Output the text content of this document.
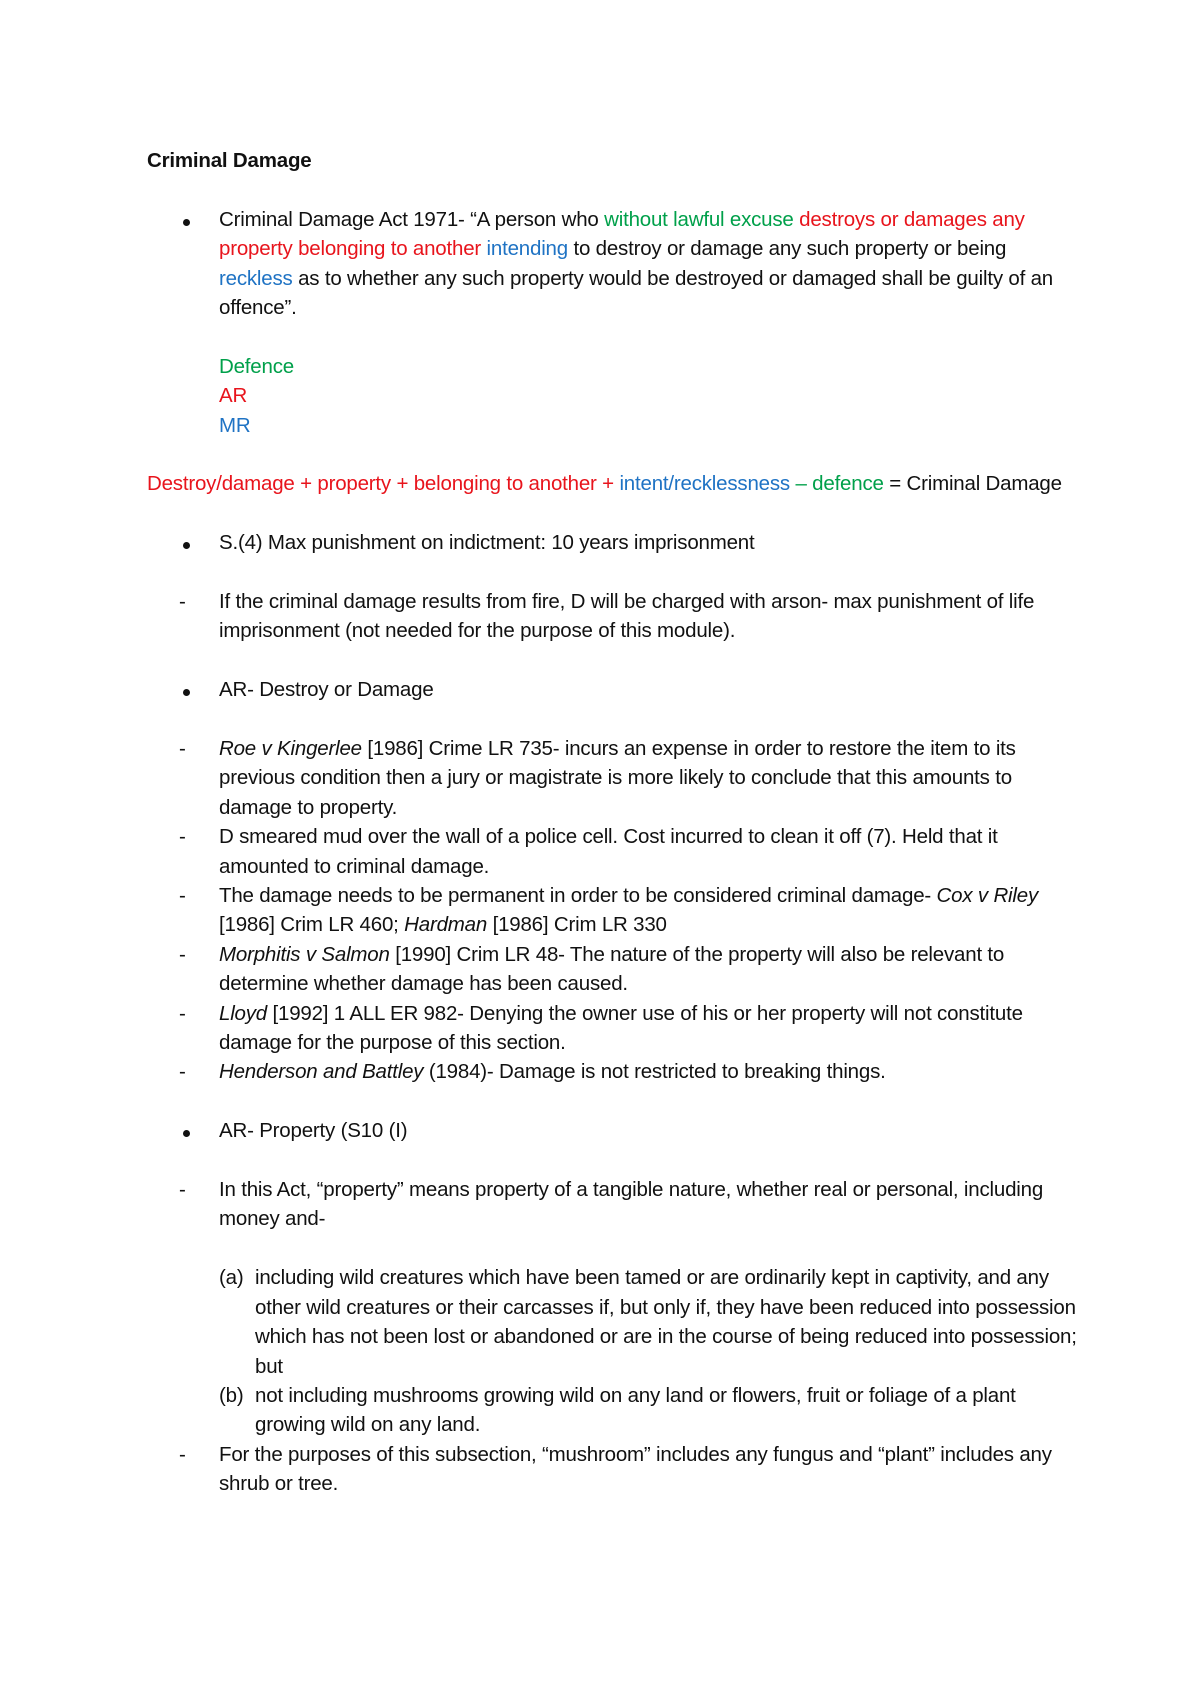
Criminal Damage

Criminal Damage Act 1971- “A person who without lawful excuse destroys or damages any property belonging to another intending to destroy or damage any such property or being reckless as to whether any such property would be destroyed or damaged shall be guilty of an offence”.
Defence
AR
MR
Destroy/damage + property + belonging to another + intent/recklessness – defence = Criminal Damage
S.(4) Max punishment on indictment: 10 years imprisonment
-	If the criminal damage results from fire, D will be charged with arson- max punishment of life imprisonment (not needed for the purpose of this module).
AR- Destroy or Damage
-	Roe v Kingerlee [1986] Crime LR 735- incurs an expense in order to restore the item to its previous condition then a jury or magistrate is more likely to conclude that this amounts to damage to property.
-	D smeared mud over the wall of a police cell. Cost incurred to clean it off (7). Held that it amounted to criminal damage.
-	The damage needs to be permanent in order to be considered criminal damage- Cox v Riley [1986] Crim LR 460; Hardman [1986] Crim LR 330
-	Morphitis v Salmon [1990] Crim LR 48- The nature of the property will also be relevant to determine whether damage has been caused.
-	Lloyd [1992] 1 ALL ER 982- Denying the owner use of his or her property will not constitute damage for the purpose of this section.
-	Henderson and Battley (1984)- Damage is not restricted to breaking things.
AR- Property (S10 (I)
-	In this Act, “property” means property of a tangible nature, whether real or personal, including money and-
(a) including wild creatures which have been tamed or are ordinarily kept in captivity, and any other wild creatures or their carcasses if, but only if, they have been reduced into possession which has not been lost or abandoned or are in the course of being reduced into possession; but
(b) not including mushrooms growing wild on any land or flowers, fruit or foliage of a plant growing wild on any land.
-	For the purposes of this subsection, “mushroom” includes any fungus and “plant” includes any shrub or tree.
